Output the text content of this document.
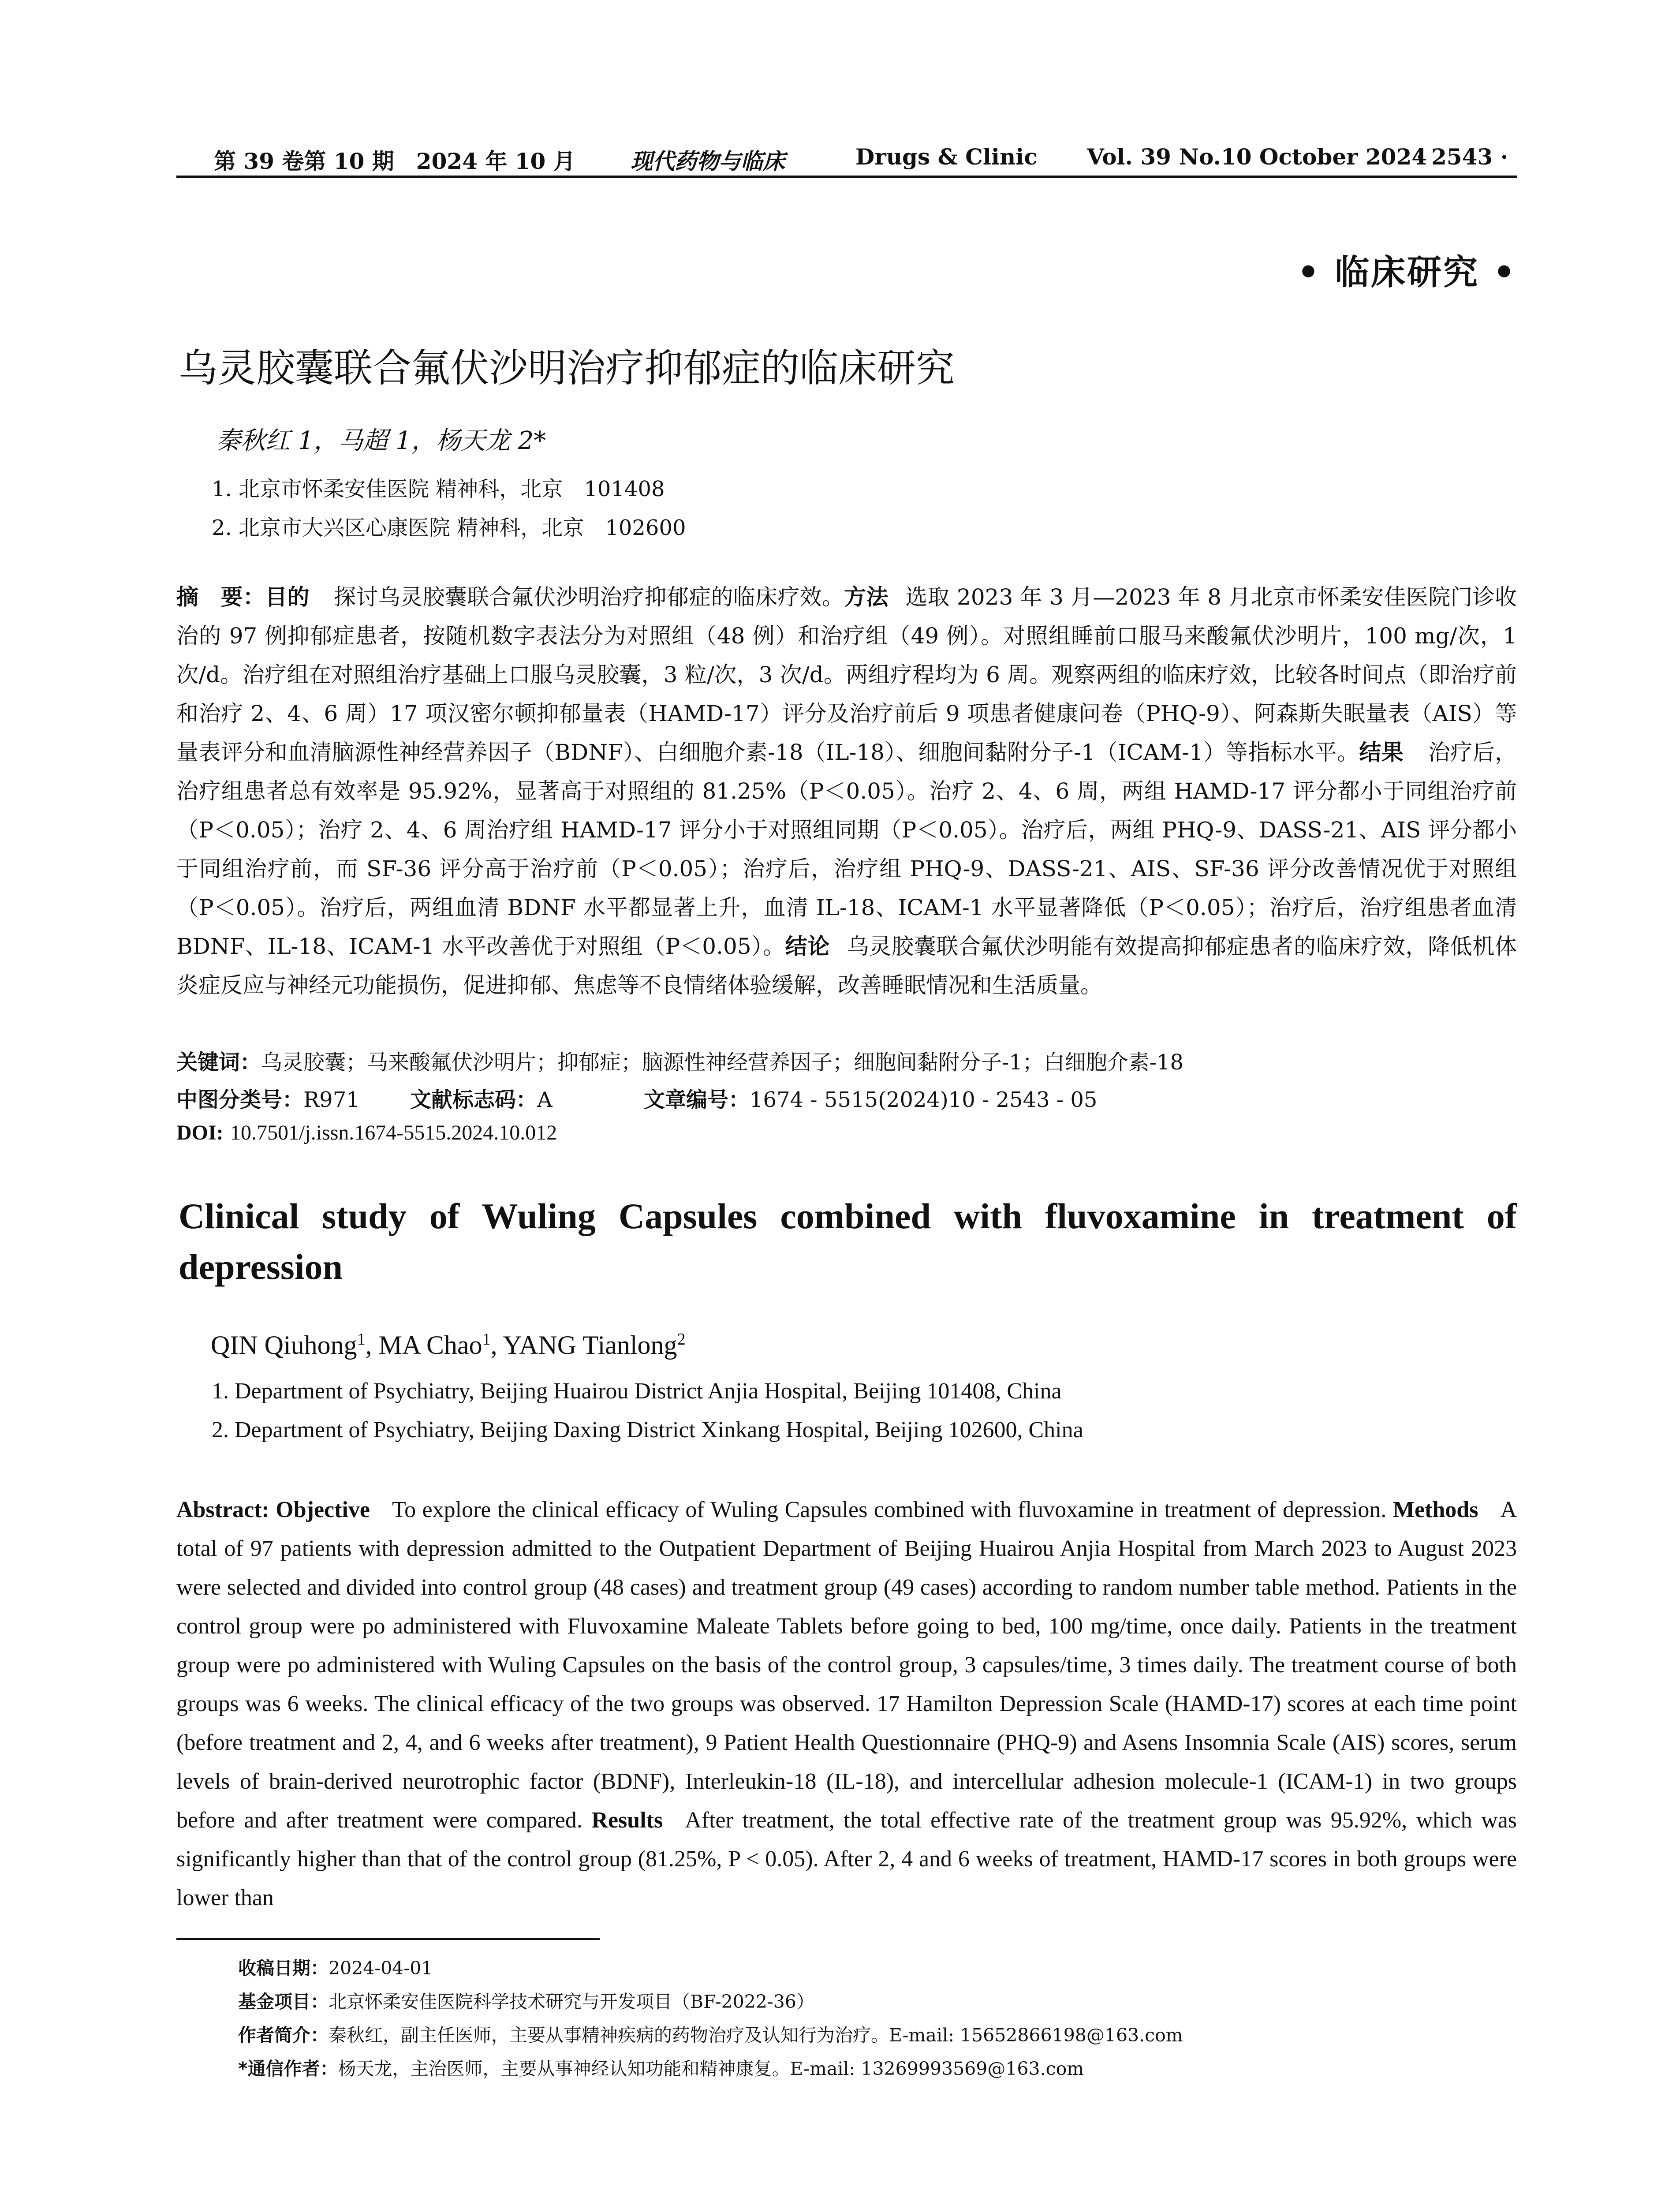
第 39 卷第 10 期　2024 年 10 月	现代药物与临床	Drugs & Clinic Vol. 39 No.10 October 2024
· 2543 ·
• 临床研究 •
乌灵胶囊联合氟伏沙明治疗抑郁症的临床研究
秦秋红 1，马超 1，杨天龙 2*
1. 北京市怀柔安佳医院 精神科，北京　101408
2. 北京市大兴区心康医院 精神科，北京　102600
摘　要：目的 探讨乌灵胶囊联合氟伏沙明治疗抑郁症的临床疗效。方法 选取 2023 年 3 月—2023 年 8 月北京市怀柔安佳医院门诊收治的 97 例抑郁症患者，按随机数字表法分为对照组（48 例）和治疗组（49 例）。对照组睡前口服马来酸氟伏沙明片，100 mg/次，1 次/d。治疗组在对照组治疗基础上口服乌灵胶囊，3 粒/次，3 次/d。两组疗程均为 6 周。观察两组的临床疗效，比较各时间点（即治疗前和治疗 2、4、6 周）17 项汉密尔顿抑郁量表（HAMD-17）评分及治疗前后 9 项患者健康问卷（PHQ-9）、阿森斯失眠量表（AIS）等量表评分和血清脑源性神经营养因子（BDNF）、白细胞介素-18（IL-18）、细胞间黏附分子-1（ICAM-1）等指标水平。结果 治疗后，治疗组患者总有效率是 95.92%，显著高于对照组的 81.25%（P＜0.05）。治疗 2、4、6 周，两组 HAMD-17 评分都小于同组治疗前（P＜0.05）；治疗 2、4、6 周治疗组 HAMD-17 评分小于对照组同期（P＜0.05）。治疗后，两组 PHQ-9、DASS-21、AIS 评分都小于同组治疗前，而 SF-36 评分高于治疗前（P＜0.05）；治疗后，治疗组 PHQ-9、DASS-21、AIS、SF-36 评分改善情况优于对照组（P＜0.05）。治疗后，两组血清 BDNF 水平都显著上升，血清 IL-18、ICAM-1 水平显著降低（P＜0.05）；治疗后，治疗组患者血清 BDNF、IL-18、ICAM-1 水平改善优于对照组（P＜0.05）。结论 乌灵胶囊联合氟伏沙明能有效提高抑郁症患者的临床疗效，降低机体炎症反应与神经元功能损伤，促进抑郁、焦虑等不良情绪体验缓解，改善睡眠情况和生活质量。
关键词：乌灵胶囊；马来酸氟伏沙明片；抑郁症；脑源性神经营养因子；细胞间黏附分子-1；白细胞介素-18
中图分类号：R971 文献标志码：A	文章编号：1674 - 5515(2024)10 - 2543 - 05
DOI: 10.7501/j.issn.1674-5515.2024.10.012
Clinical study of Wuling Capsules combined with fluvoxamine in treatment of depression
QIN Qiuhong$^1$, MA Chao$^1$, YANG Tianlong$^2$
1. Department of Psychiatry, Beijing Huairou District Anjia Hospital, Beijing 101408, China
2. Department of Psychiatry, Beijing Daxing District Xinkang Hospital, Beijing 102600, China
Abstract: Objective To explore the clinical efficacy of Wuling Capsules combined with fluvoxamine in treatment of depression. Methods A total of 97 patients with depression admitted to the Outpatient Department of Beijing Huairou Anjia Hospital from March 2023 to August 2023 were selected and divided into control group (48 cases) and treatment group (49 cases) according to random number table method. Patients in the control group were po administered with Fluvoxamine Maleate Tablets before going to bed, 100 mg/time, once daily. Patients in the treatment group were po administered with Wuling Capsules on the basis of the control group, 3 capsules/time, 3 times daily. The treatment course of both groups was 6 weeks. The clinical efficacy of the two groups was observed. 17 Hamilton Depression Scale (HAMD-17) scores at each time point (before treatment and 2, 4, and 6 weeks after treatment), 9 Patient Health Questionnaire (PHQ-9) and Asens Insomnia Scale (AIS) scores, serum levels of brain-derived neurotrophic factor (BDNF), Interleukin-18 (IL-18), and intercellular adhesion molecule-1 (ICAM-1) in two groups before and after treatment were compared. Results After treatment, the total effective rate of the treatment group was 95.92%, which was significantly higher than that of the control group (81.25%, P < 0.05). After 2, 4 and 6 weeks of treatment, HAMD-17 scores in both groups were lower than
收稿日期：2024-04-01
基金项目：北京怀柔安佳医院科学技术研究与开发项目（BF-2022-36）
作者简介：秦秋红，副主任医师，主要从事精神疾病的药物治疗及认知行为治疗。E-mail: 15652866198@163.com
*通信作者：杨天龙，主治医师，主要从事神经认知功能和精神康复。E-mail: 13269993569@163.com
